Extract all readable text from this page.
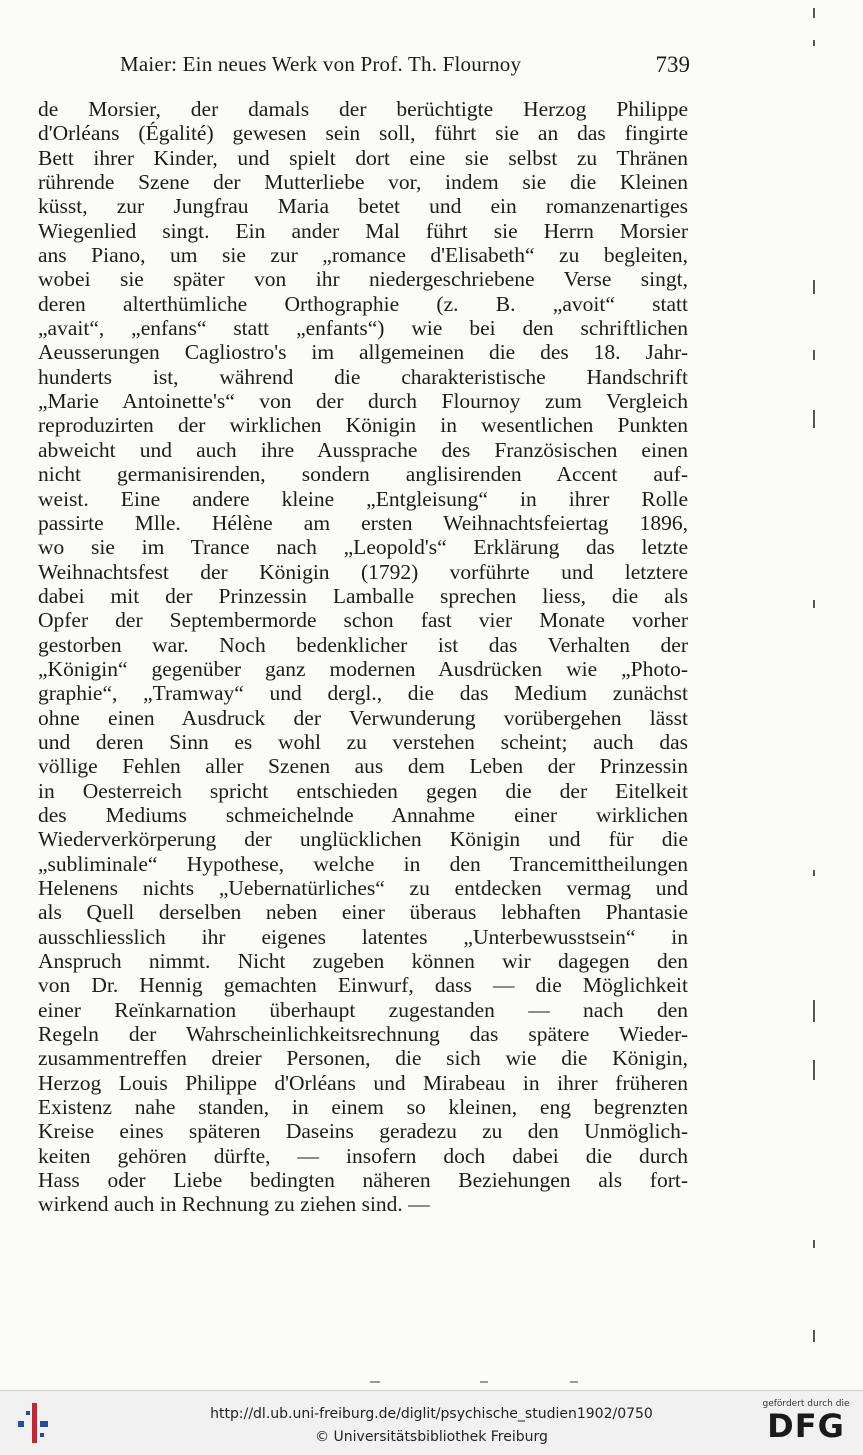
Maier: Ein neues Werk von Prof. Th. Flournoy	739
de Morsier, der damals der berüchtigte Herzog Philippe
d'Orléans (Égalité) gewesen sein soll, führt sie an das fingirte
Bett ihrer Kinder, und spielt dort eine sie selbst zu Thränen
rührende Szene der Mutterliebe vor, indem sie die Kleinen
küsst, zur Jungfrau Maria betet und ein romanzenartiges
Wiegenlied singt. Ein ander Mal führt sie Herrn Morsier
ans Piano, um sie zur „romance d'Elisabeth“ zu begleiten,
wobei sie später von ihr niedergeschriebene Verse singt,
deren alterthümliche Orthographie (z. B. „avoit“ statt
„avait“, „enfans“ statt „enfants“) wie bei den schriftlichen
Aeusserungen Cagliostro's im allgemeinen die des 18. Jahr-
hunderts ist, während die charakteristische Handschrift
„Marie Antoinette's“ von der durch Flournoy zum Vergleich
reproduzirten der wirklichen Königin in wesentlichen Punkten
abweicht und auch ihre Aussprache des Französischen einen
nicht germanisirenden, sondern anglisirenden Accent auf-
weist. Eine andere kleine „Entgleisung“ in ihrer Rolle
passirte Mlle. Hélène am ersten Weihnachtsfeiertag 1896,
wo sie im Trance nach „Leopold's“ Erklärung das letzte
Weihnachtsfest der Königin (1792) vorführte und letztere
dabei mit der Prinzessin Lamballe sprechen liess, die als
Opfer der Septembermorde schon fast vier Monate vorher
gestorben war. Noch bedenklicher ist das Verhalten der
„Königin“ gegenüber ganz modernen Ausdrücken wie „Photo-
graphie“, „Tramway“ und dergl., die das Medium zunächst
ohne einen Ausdruck der Verwunderung vorübergehen lässt
und deren Sinn es wohl zu verstehen scheint; auch das
völlige Fehlen aller Szenen aus dem Leben der Prinzessin
in Oesterreich spricht entschieden gegen die der Eitelkeit
des Mediums schmeichelnde Annahme einer wirklichen
Wiederverkörperung der unglücklichen Königin und für die
„subliminale“ Hypothese, welche in den Trancemittheilungen
Helenens nichts „Uebernatürliches“ zu entdecken vermag und
als Quell derselben neben einer überaus lebhaften Phantasie
ausschliesslich ihr eigenes latentes „Unterbewusstsein“ in
Anspruch nimmt. Nicht zugeben können wir dagegen den
von Dr. Hennig gemachten Einwurf, dass — die Möglichkeit
einer Reïnkarnation überhaupt zugestanden — nach den
Regeln der Wahrscheinlichkeitsrechnung das spätere Wieder-
zusammentreffen dreier Personen, die sich wie die Königin,
Herzog Louis Philippe d'Orléans und Mirabeau in ihrer früheren
Existenz nahe standen, in einem so kleinen, eng begrenzten
Kreise eines späteren Daseins geradezu zu den Unmöglich-
keiten gehören dürfte, — insofern doch dabei die durch
Hass oder Liebe bedingten näheren Beziehungen als fort-
wirkend auch in Rechnung zu ziehen sind. —
http://dl.ub.uni-freiburg.de/diglit/psychische_studien1902/0750
© Universitätsbibliothek Freiburg
gefördert durch die
DFG
